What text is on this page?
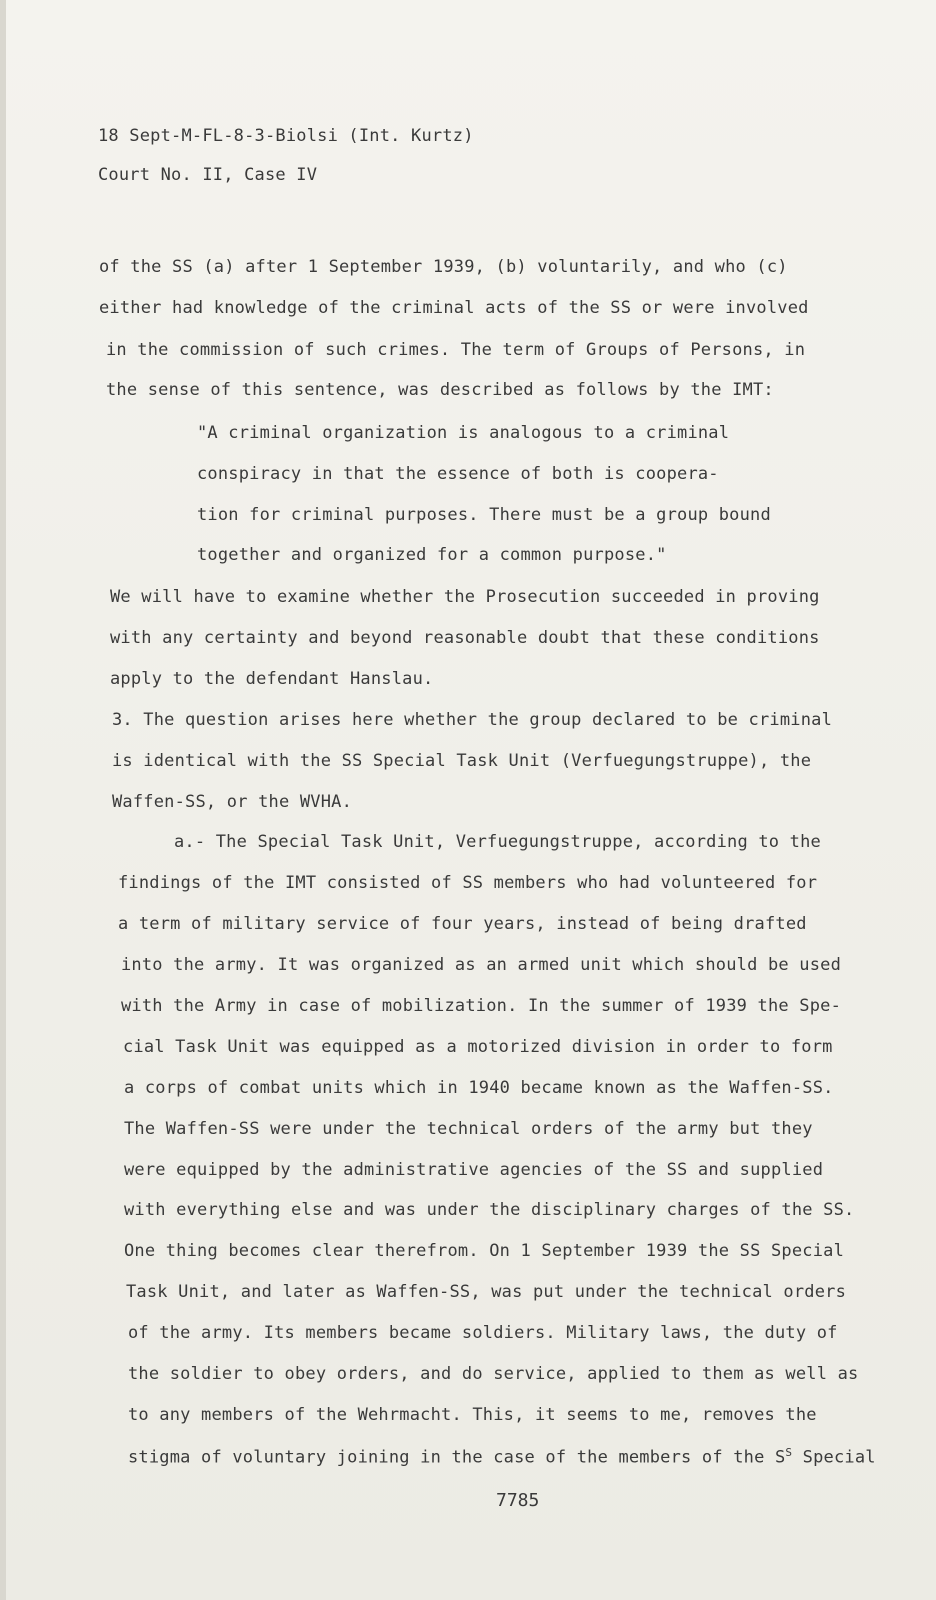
18 Sept-M-FL-8-3-Biolsi (Int. Kurtz)
Court No. II, Case IV
of the SS (a) after 1 September 1939, (b) voluntarily, and who (c)
either had knowledge of the criminal acts of the SS or were involved
in the commission of such crimes. The term of Groups of Persons, in
the sense of this sentence, was described as follows by the IMT:
"A criminal organization is analogous to a criminal
conspiracy in that the essence of both is coopera-
tion for criminal purposes. There must be a group bound
together and organized for a common purpose."
We will have to examine whether the Prosecution succeeded in proving
with any certainty and beyond reasonable doubt that these conditions
apply to the defendant Hanslau.
3. The question arises here whether the group declared to be criminal
is identical with the SS Special Task Unit (Verfuegungstruppe), the
Waffen-SS, or the WVHA.
a.- The Special Task Unit, Verfuegungstruppe, according to the
findings of the IMT consisted of SS members who had volunteered for
a term of military service of four years, instead of being drafted
into the army. It was organized as an armed unit which should be used
with the Army in case of mobilization. In the summer of 1939 the Spe-
cial Task Unit was equipped as a motorized division in order to form
a corps of combat units which in 1940 became known as the Waffen-SS.
The Waffen-SS were under the technical orders of the army but they
were equipped by the administrative agencies of the SS and supplied
with everything else and was under the disciplinary charges of the SS.
One thing becomes clear therefrom. On 1 September 1939 the SS Special
Task Unit, and later as Waffen-SS, was put under the technical orders
of the army. Its members became soldiers. Military laws, the duty of
the soldier to obey orders, and do service, applied to them as well as
to any members of the Wehrmacht. This, it seems to me, removes the
stigma of voluntary joining in the case of the members of the $S^S$ Special
7785
